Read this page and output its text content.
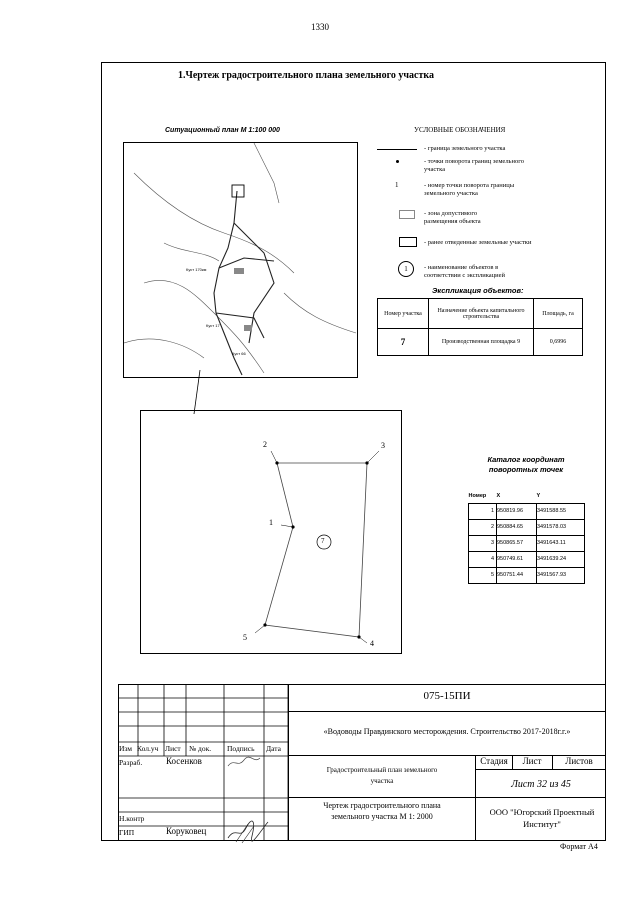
1330
1.Чертеж градостроительного плана земельного участка
Ситуационный план М 1:100 000
Куст 170км
Куст 17
Куст 66
УСЛОВНЫЕ ОБОЗНАЧЕНИЯ
- граница земельного участка
- точки поворота границ земельного участка
1	- номер точки поворота границы земельного участка
- зона допустимого размещения объекта
- ранее отведенные земельные участки
1	- наименование объектов в соответствии с экспликацией
Экспликация объектов:
Номер участка	Назначение объекта капитального строительства	Площадь, га
7	Производственная площадка 9	0,6996
1
2	3
4
5
7
Каталог координат поворотных точек
Номер	X	Y
1	950819.96	3491588.55
2	950884.65	3491578.03
3	950865.57	3491643.11
4	950749.61	3491639.24
5	950751.44	3491567.93
Изм Кол.уч Лист № док. Подпись Дата
Разраб.	Косенков
Н.контр
ГИП	Коруковец
075-15ПИ
«Водоводы Правдинского месторождения. Строительство 2017-2018г.г.»
Градостроительный план земельного участка
Стадия	Лист	Листов
Лист 32 из 45
Чертеж градостроительного плана земельного участка М 1: 2000	ООО "Югорский Проектный Институт"
Формат А4
